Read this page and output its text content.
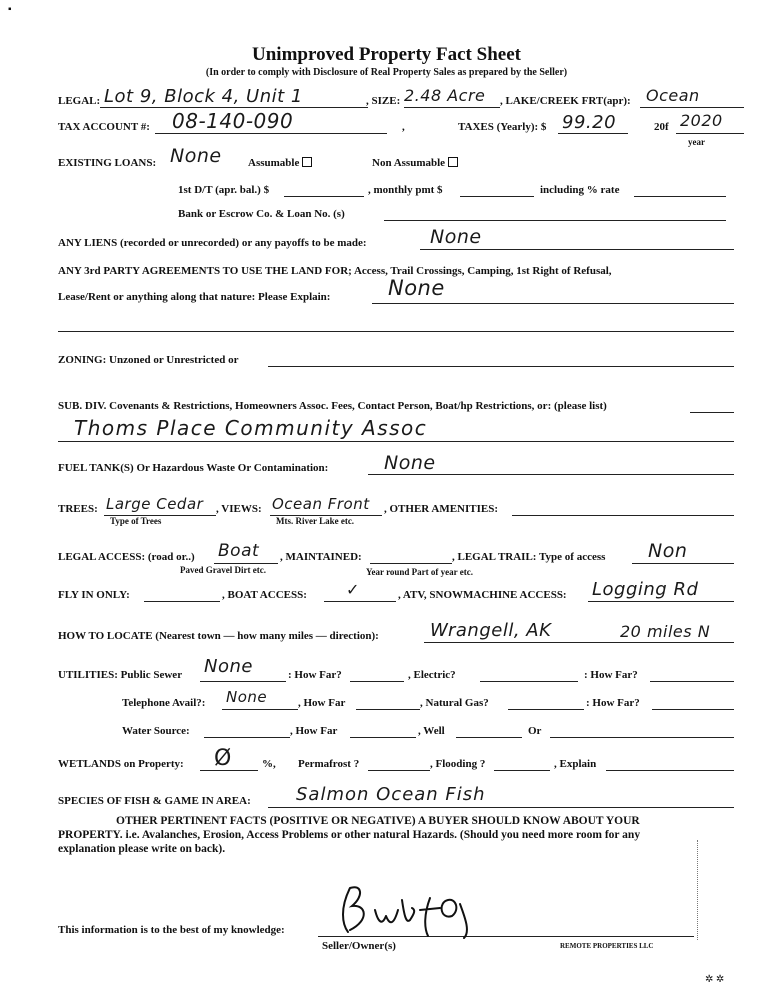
▪
Unimproved Property Fact Sheet
(In order to comply with Disclosure of Real Property Sales as prepared by the Seller)
LEGAL: Lot 9, Block 4, Unit 1	, SIZE: 2.48 Acre , LAKE/CREEK FRT(apr): Ocean
TAX ACCOUNT #: 08-140-090	,	TAXES (Yearly): $ 99.20	20f 2020
year
EXISTING LOANS: None Assumable	Non Assumable
1st D/T (apr. bal.) $	, monthly pmt $	including % rate
Bank or Escrow Co. & Loan No. (s)
ANY LIENS (recorded or unrecorded) or any payoffs to be made:	None
ANY 3rd PARTY AGREEMENTS TO USE THE LAND FOR; Access, Trail Crossings, Camping, 1st Right of Refusal,
Lease/Rent or anything along that nature: Please Explain:	None
ZONING: Unzoned or Unrestricted or
SUB. DIV. Covenants & Restrictions, Homeowners Assoc. Fees, Contact Person, Boat/hp Restrictions, or: (please list)
Thoms Place Community Assoc
FUEL TANK(S) Or Hazardous Waste Or Contamination:	None
TREES: Large Cedar
Type of Trees
, VIEWS: Ocean Front
Mts. River Lake etc.
, OTHER AMENITIES:
LEGAL ACCESS: (road or..) Boat
Paved Gravel Dirt etc.
, MAINTAINED:
Year round Part of year etc.
, LEGAL TRAIL: Type of access Non
FLY IN ONLY:	, BOAT ACCESS: ✓	, ATV, SNOWMACHINE ACCESS: Logging Rd
HOW TO LOCATE (Nearest town — how many miles — direction):	Wrangell, AK	20 miles N
UTILITIES: Public Sewer None	: How Far?	, Electric?	: How Far?
Telephone Avail?: None	, How Far	, Natural Gas?	: How Far?
Water Source:	, How Far	, Well	Or
WETLANDS on Property: Ø	%, Permafrost ?	, Flooding ?	, Explain
SPECIES OF FISH & GAME IN AREA:	Salmon Ocean Fish
OTHER PERTINENT FACTS (POSITIVE OR NEGATIVE) A BUYER SHOULD KNOW ABOUT YOUR
PROPERTY. i.e. Avalanches, Erosion, Access Problems or other natural Hazards. (Should you need more room for any
explanation please write on back).
This information is to the best of my knowledge:
Seller/Owner(s)	REMOTE PROPERTIES LLC
✲ ✲
